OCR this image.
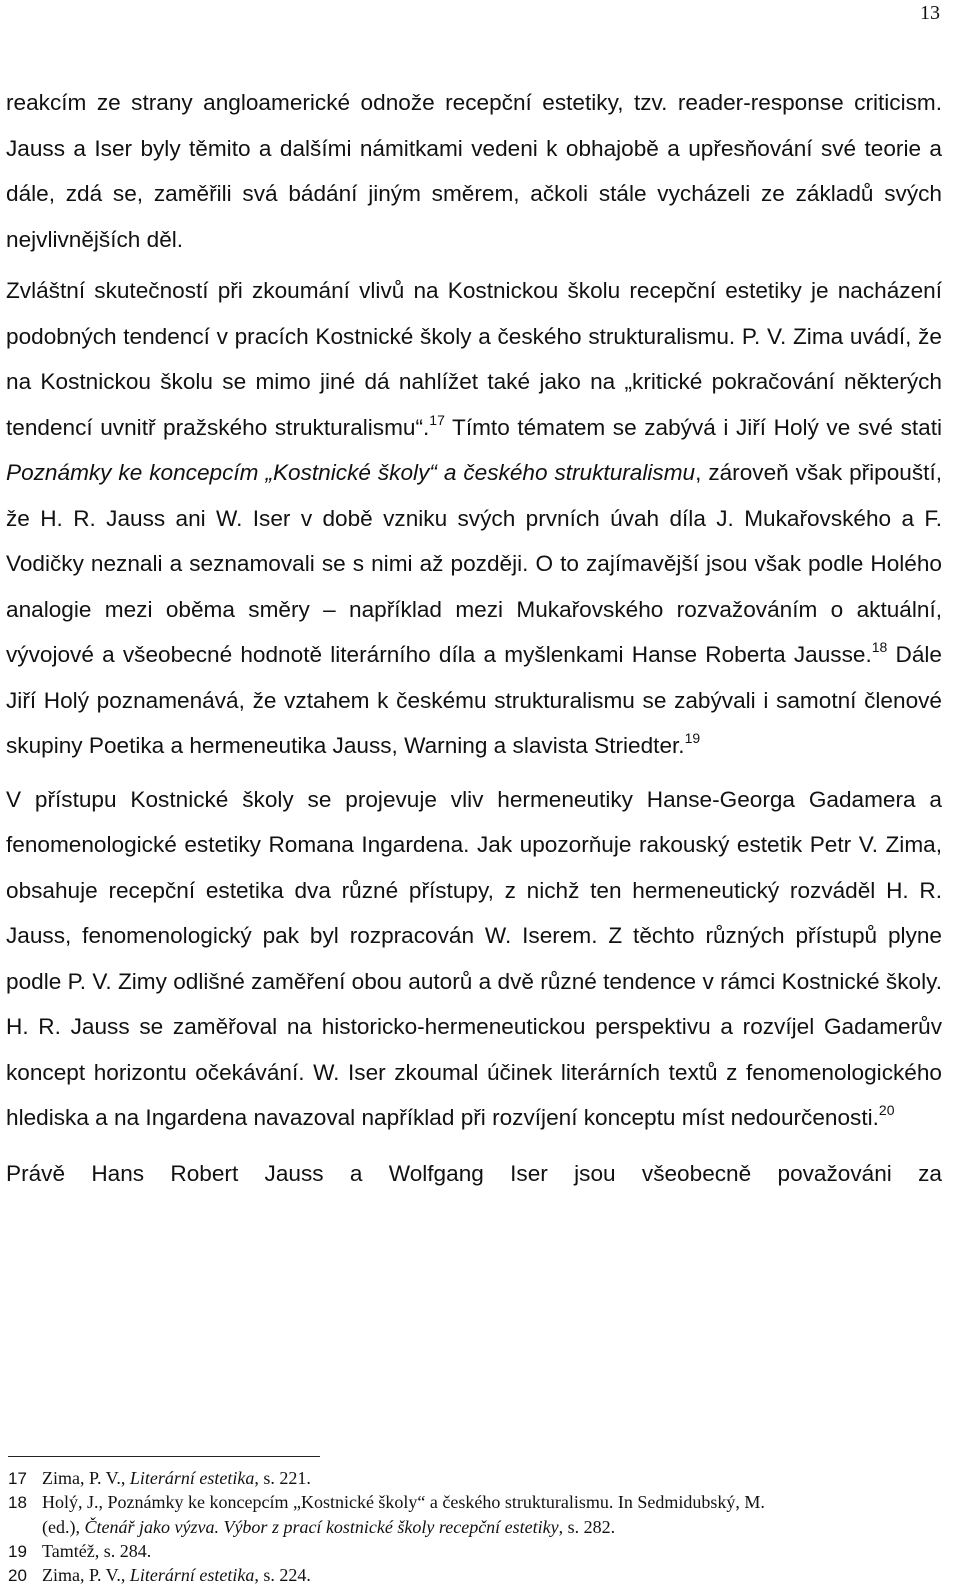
13

reakcím ze strany angloamerické odnože recepční estetiky, tzv. reader-response criticism. Jauss a Iser byly těmito a dalšími námitkami vedeni k obhajobě a upřesňování své teorie a dále, zdá se, zaměřili svá bádání jiným směrem, ačkoli stále vycházeli ze základů svých nejvlivnějších děl.

Zvláštní skutečností při zkoumání vlivů na Kostnickou školu recepční estetiky je nacházení podobných tendencí v pracích Kostnické školy a českého strukturalismu. P. V. Zima uvádí, že na Kostnickou školu se mimo jiné dá nahlížet také jako na „kritické pokračování některých tendencí uvnitř pražského strukturalismu“.$^{17}$ Tímto tématem se zabývá i Jiří Holý ve své stati Poznámky ke koncepcím „Kostnické školy“ a českého strukturalismu, zároveň však připouští, že H. R. Jauss ani W. Iser v době vzniku svých prvních úvah díla J. Mukařovského a F. Vodičky neznali a seznamovali se s nimi až později. O to zajímavější jsou však podle Holého analogie mezi oběma směry – například mezi Mukařovského rozvažováním o aktuální, vývojové a všeobecné hodnotě literárního díla a myšlenkami Hanse Roberta Jausse.$^{18}$ Dále Jiří Holý poznamenává, že vztahem k českému strukturalismu se zabývali i samotní členové skupiny Poetika a hermeneutika Jauss, Warning a slavista Striedter.$^{19}$

V přístupu Kostnické školy se projevuje vliv hermeneutiky Hanse-Georga Gadamera a fenomenologické estetiky Romana Ingardena. Jak upozorňuje rakouský estetik Petr V. Zima, obsahuje recepční estetika dva různé přístupy, z nichž ten hermeneutický rozváděl H. R. Jauss, fenomenologický pak byl rozpracován W. Iserem. Z těchto různých přístupů plyne podle P. V. Zimy odlišné zaměření obou autorů a dvě různé tendence v rámci Kostnické školy. H. R. Jauss se zaměřoval na historicko-hermeneutickou perspektivu a rozvíjel Gadamerův koncept horizontu očekávání. W. Iser zkoumal účinek literárních textů z fenomenologického hlediska a na Ingardena navazoval například při rozvíjení konceptu míst nedourčenosti.$^{20}$

Právě Hans Robert Jauss a Wolfgang Iser jsou všeobecně považováni za

17 Zima, P. V., Literární estetika, s. 221.
18 Holý, J., Poznámky ke koncepcím „Kostnické školy“ a českého strukturalismu. In Sedmidubský, M.
(ed.), Čtenář jako výzva. Výbor z prací kostnické školy recepční estetiky, s. 282.
19 Tamtéž, s. 284.
20 Zima, P. V., Literární estetika, s. 224.
